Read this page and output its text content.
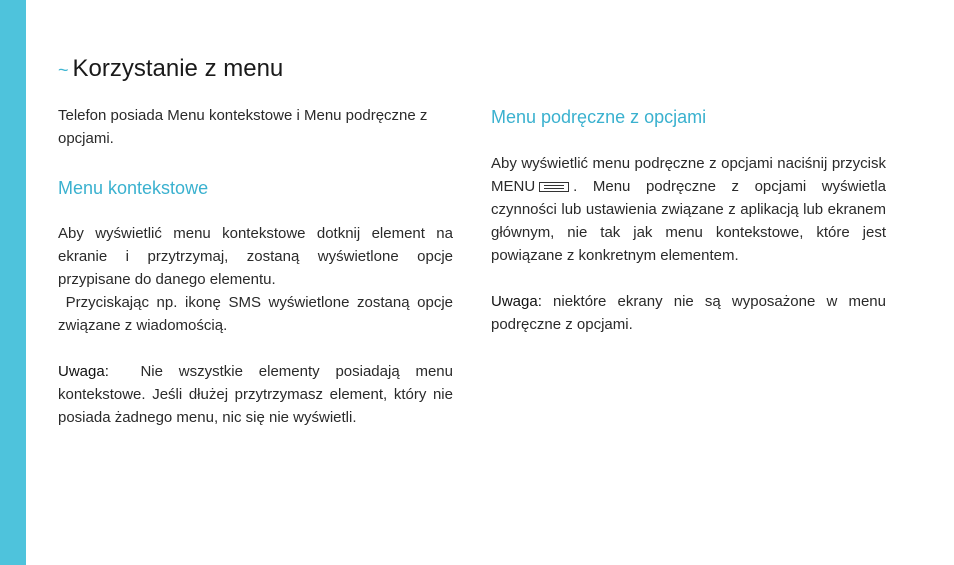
~ Korzystanie z menu

Telefon posiada Menu kontekstowe i Menu podręczne z opcjami.

Menu kontekstowe

Aby wyświetlić menu kontekstowe dotknij element na ekranie i przytrzymaj, zostaną wyświetlone opcje przypisane do danego elementu.

Przyciskając np. ikonę SMS wyświetlone zostaną opcje związane z wiadomością.

Uwaga:  Nie wszystkie elementy posiadają menu kontekstowe. Jeśli dłużej przytrzymasz element, który nie posiada żadnego menu, nic się nie wyświetli.

Menu podręczne z opcjami

Aby wyświetlić menu podręczne z opcjami naciśnij przycisk MENU	. Menu podręczne z opcjami wyświetla czynności lub ustawienia związane z aplikacją lub ekranem głównym, nie tak jak menu kontekstowe, które jest powiązane z konkretnym elementem.

Uwaga: niektóre ekrany nie są wyposażone w menu podręczne z opcjami.
